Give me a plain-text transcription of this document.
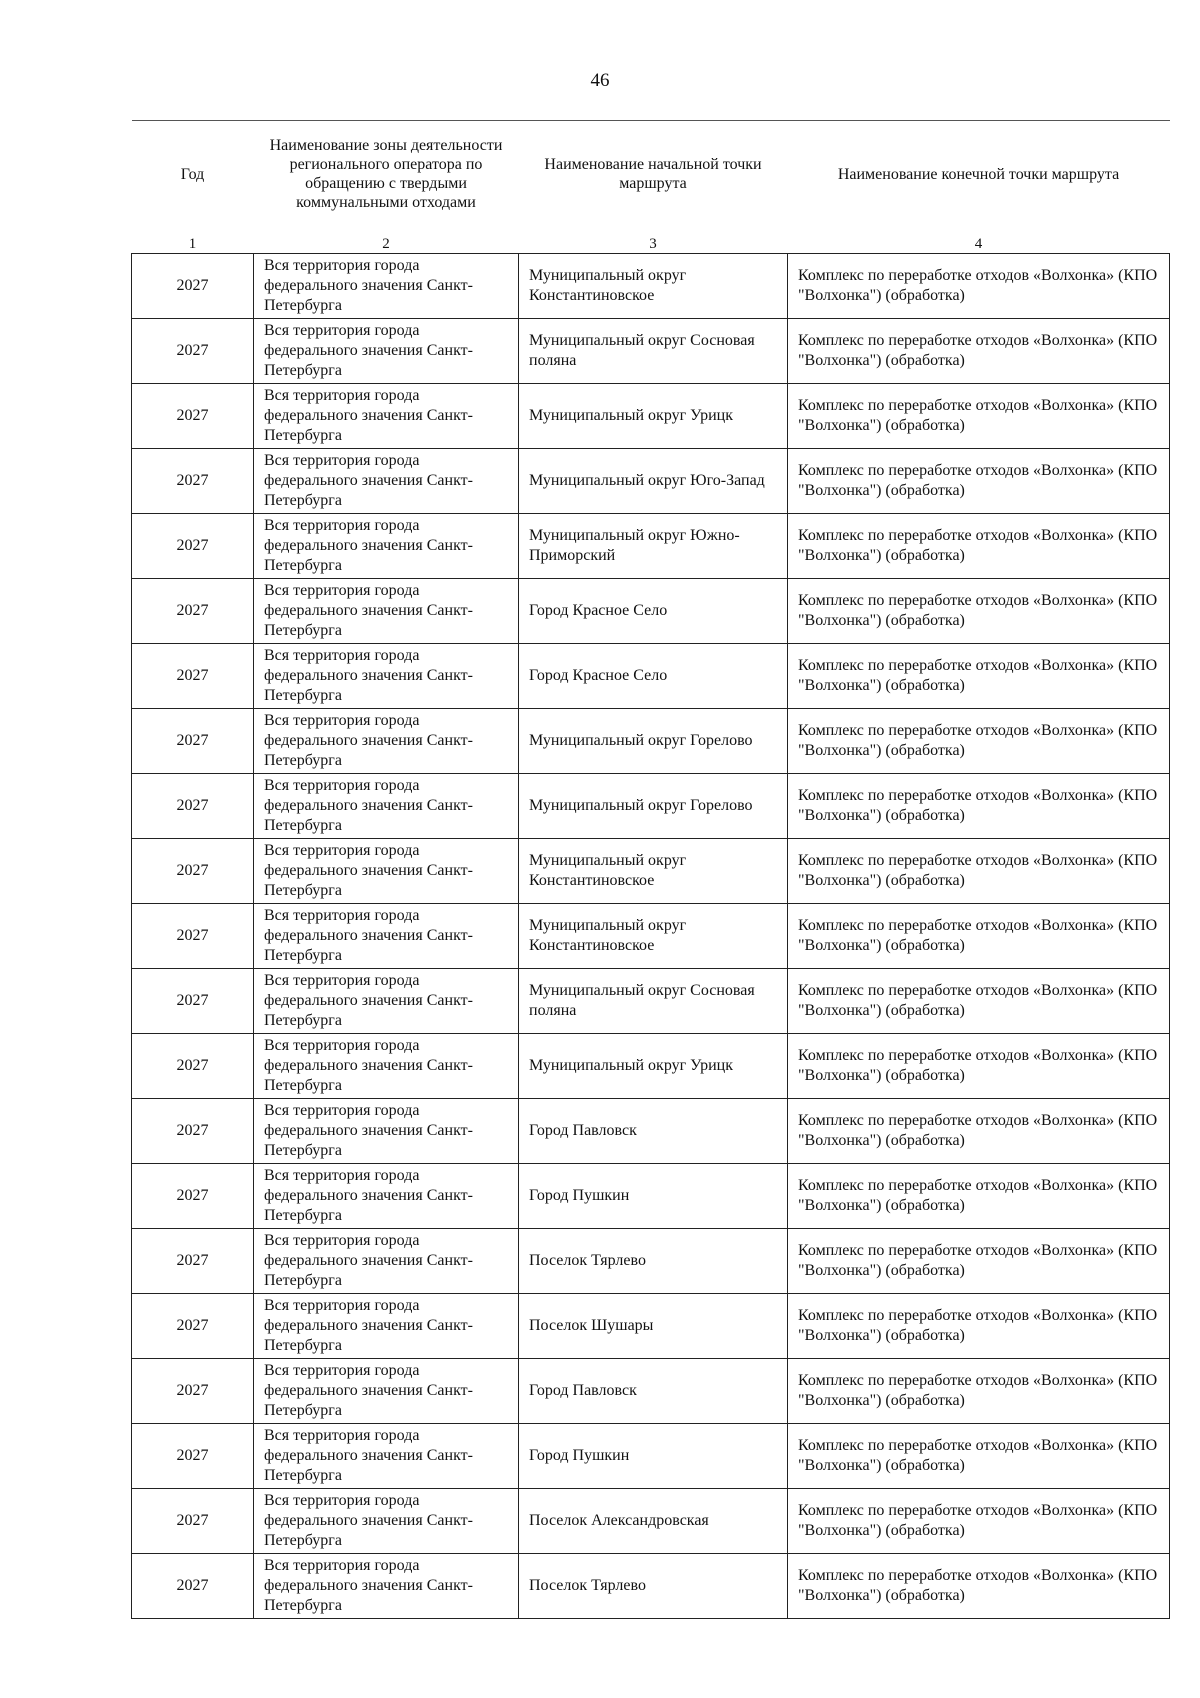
46
Год	Наименование зоны деятельности регионального оператора по обращению с твердыми коммунальными отходами	Наименование начальной точки маршрута	Наименование конечной точки маршрута
1	2	3	4
2027	Вся территория города федерального значения Санкт-Петербурга	Муниципальный округ Константиновское	Комплекс по переработке отходов «Волхонка» (КПО "Волхонка") (обработка)
2027	Вся территория города федерального значения Санкт-Петербурга	Муниципальный округ Сосновая поляна	Комплекс по переработке отходов «Волхонка» (КПО "Волхонка") (обработка)
2027	Вся территория города федерального значения Санкт-Петербурга	Муниципальный округ Урицк	Комплекс по переработке отходов «Волхонка» (КПО "Волхонка") (обработка)
2027	Вся территория города федерального значения Санкт-Петербурга	Муниципальный округ Юго-Запад	Комплекс по переработке отходов «Волхонка» (КПО "Волхонка") (обработка)
2027	Вся территория города федерального значения Санкт-Петербурга	Муниципальный округ Южно-Приморский	Комплекс по переработке отходов «Волхонка» (КПО "Волхонка") (обработка)
2027	Вся территория города федерального значения Санкт-Петербурга	Город Красное Село	Комплекс по переработке отходов «Волхонка» (КПО "Волхонка") (обработка)
2027	Вся территория города федерального значения Санкт-Петербурга	Город Красное Село	Комплекс по переработке отходов «Волхонка» (КПО "Волхонка") (обработка)
2027	Вся территория города федерального значения Санкт-Петербурга	Муниципальный округ Горелово	Комплекс по переработке отходов «Волхонка» (КПО "Волхонка") (обработка)
2027	Вся территория города федерального значения Санкт-Петербурга	Муниципальный округ Горелово	Комплекс по переработке отходов «Волхонка» (КПО "Волхонка") (обработка)
2027	Вся территория города федерального значения Санкт-Петербурга	Муниципальный округ Константиновское	Комплекс по переработке отходов «Волхонка» (КПО "Волхонка") (обработка)
2027	Вся территория города федерального значения Санкт-Петербурга	Муниципальный округ Константиновское	Комплекс по переработке отходов «Волхонка» (КПО "Волхонка") (обработка)
2027	Вся территория города федерального значения Санкт-Петербурга	Муниципальный округ Сосновая поляна	Комплекс по переработке отходов «Волхонка» (КПО "Волхонка") (обработка)
2027	Вся территория города федерального значения Санкт-Петербурга	Муниципальный округ Урицк	Комплекс по переработке отходов «Волхонка» (КПО "Волхонка") (обработка)
2027	Вся территория города федерального значения Санкт-Петербурга	Город Павловск	Комплекс по переработке отходов «Волхонка» (КПО "Волхонка") (обработка)
2027	Вся территория города федерального значения Санкт-Петербурга	Город Пушкин	Комплекс по переработке отходов «Волхонка» (КПО "Волхонка") (обработка)
2027	Вся территория города федерального значения Санкт-Петербурга	Поселок Тярлево	Комплекс по переработке отходов «Волхонка» (КПО "Волхонка") (обработка)
2027	Вся территория города федерального значения Санкт-Петербурга	Поселок Шушары	Комплекс по переработке отходов «Волхонка» (КПО "Волхонка") (обработка)
2027	Вся территория города федерального значения Санкт-Петербурга	Город Павловск	Комплекс по переработке отходов «Волхонка» (КПО "Волхонка") (обработка)
2027	Вся территория города федерального значения Санкт-Петербурга	Город Пушкин	Комплекс по переработке отходов «Волхонка» (КПО "Волхонка") (обработка)
2027	Вся территория города федерального значения Санкт-Петербурга	Поселок Александровская	Комплекс по переработке отходов «Волхонка» (КПО "Волхонка") (обработка)
2027	Вся территория города федерального значения Санкт-Петербурга	Поселок Тярлево	Комплекс по переработке отходов «Волхонка» (КПО "Волхонка") (обработка)
